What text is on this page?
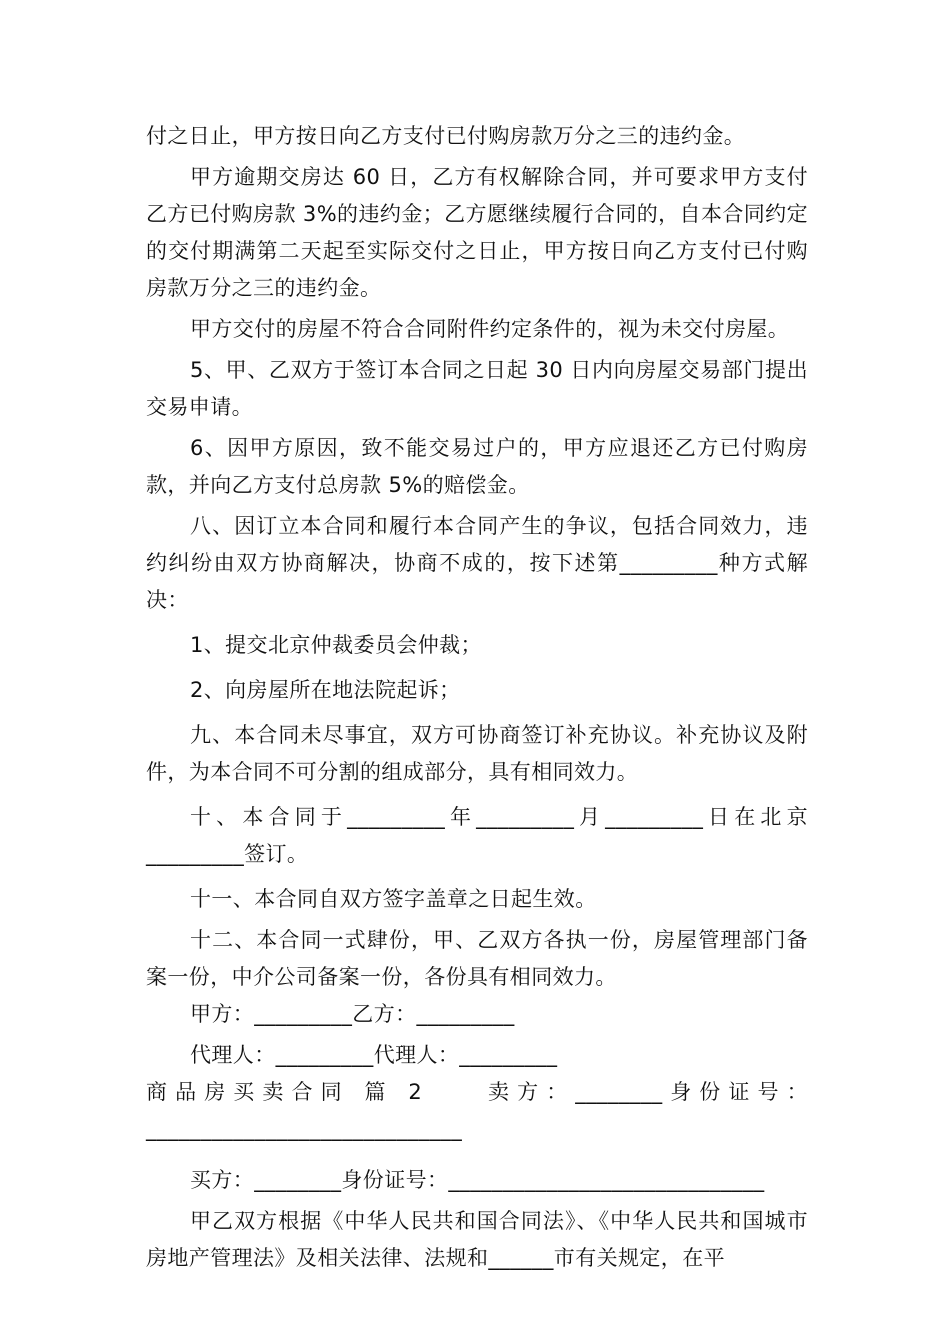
付之日止，甲方按日向乙方支付已付购房款万分之三的违约金。

甲方逾期交房达 60 日，乙方有权解除合同，并可要求甲方支付乙方已付购房款 3%的违约金；乙方愿继续履行合同的，自本合同约定的交付期满第二天起至实际交付之日止，甲方按日向乙方支付已付购房款万分之三的违约金。

甲方交付的房屋不符合合同附件约定条件的，视为未交付房屋。

5、甲、乙双方于签订本合同之日起 30 日内向房屋交易部门提出交易申请。

6、因甲方原因，致不能交易过户的，甲方应退还乙方已付购房款，并向乙方支付总房款 5%的赔偿金。

八、因订立本合同和履行本合同产生的争议，包括合同效力，违约纠纷由双方协商解决，协商不成的，按下述第_________种方式解决：

1、提交北京仲裁委员会仲裁；

2、向房屋所在地法院起诉；

九、本合同未尽事宜，双方可协商签订补充协议。补充协议及附件，为本合同不可分割的组成部分，具有相同效力。

十、本合同于_________年_________月_________日在北京_________签订。

十一、本合同自双方签字盖章之日起生效。

十二、本合同一式肆份，甲、乙双方各执一份，房屋管理部门备案一份，中介公司备案一份，各份具有相同效力。

甲方：_________乙方：_________

代理人：_________代理人：_________

商品房买卖合同 篇 2　　卖方：________身份证号：_____________________________

买方：________身份证号：_____________________________

甲乙双方根据《中华人民共和国合同法》、《中华人民共和国城市房地产管理法》及相关法律、法规和______市有关规定，在平
